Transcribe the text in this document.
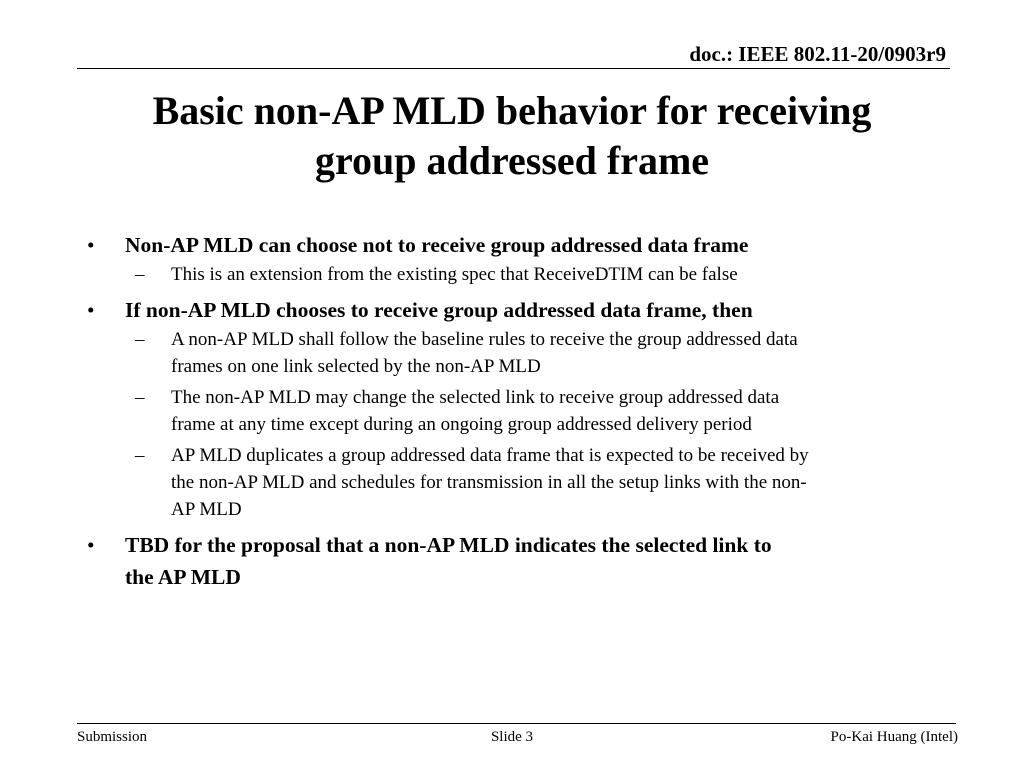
doc.: IEEE 802.11-20/0903r9
Basic non-AP MLD behavior for receiving
group addressed frame
• Non-AP MLD can choose not to receive group addressed data frame
– This is an extension from the existing spec that ReceiveDTIM can be false
• If non-AP MLD chooses to receive group addressed data frame, then
– A non-AP MLD shall follow the baseline rules to receive the group addressed data
frames on one link selected by the non-AP MLD
– The non-AP MLD may change the selected link to receive group addressed data
frame at any time except during an ongoing group addressed delivery period
– AP MLD duplicates a group addressed data frame that is expected to be received by
the non-AP MLD and schedules for transmission in all the setup links with the non-
AP MLD
• TBD for the proposal that a non-AP MLD indicates the selected link to
the AP MLD
Submission	Slide 3	Po-Kai Huang (Intel)
